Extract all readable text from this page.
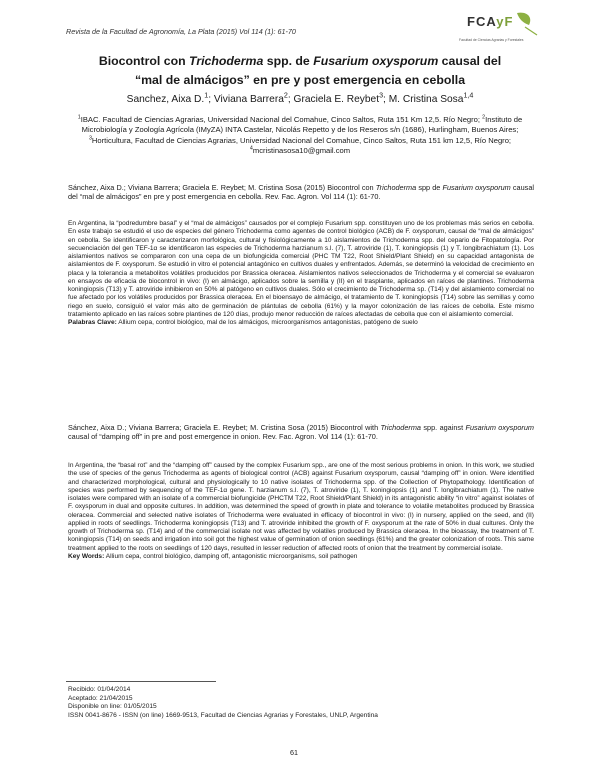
Revista de la Facultad de Agronomía, La Plata (2015) Vol 114 (1): 61-70
FCAyF
Facultad de Ciencias Agrarias y Forestales
Biocontrol con Trichoderma spp. de Fusarium oxysporum causal del
“mal de almácigos” en pre y post emergencia en cebolla
Sanchez, Aixa D.$^1$; Viviana Barrera$^2$; Graciela E. Reybet$^3$; M. Cristina Sosa$^{1,4}$
$^1$IBAC. Facultad de Ciencias Agrarias, Universidad Nacional del Comahue, Cinco Saltos, Ruta 151 Km 12,5. Río Negro; $^2$Instituto de Microbiología y Zoología Agrícola (IMyZA) INTA Castelar, Nicolás Repetto y de los Reseros s/n (1686), Hurlingham, Buenos Aires; $^3$Horticultura, Facultad de Ciencias Agrarias, Universidad Nacional del Comahue, Cinco Saltos, Ruta 151 km 12,5, Río Negro;
$^4$mcristinasosa10@gmail.com
Sánchez, Aixa D.; Viviana Barrera; Graciela E. Reybet; M. Cristina Sosa (2015) Biocontrol con Trichoderma spp de Fusarium oxysporum causal del “mal de almácigos” en pre y post emergencia en cebolla. Rev. Fac. Agron. Vol 114 (1): 61-70.

En Argentina, la “podredumbre basal” y el “mal de almácigos” causados por el complejo Fusarium spp. constituyen uno de los problemas más serios en cebolla. En este trabajo se estudió el uso de especies del género Trichoderma como agentes de control biológico (ACB) de F. oxysporum, causal de “mal de almácigos” en cebolla. Se identificaron y caracterizaron morfológica, cultural y fisiológicamente a 10 aislamientos de Trichoderma spp. del cepario de Fitopatología. Por secuenciación del gen TEF-1α se identificaron las especies de Trichoderma harzianum s.l. (7), T. atroviride (1), T. koningiopsis (1) y T. longibrachiatum (1). Los aislamientos nativos se compararon con una cepa de un biofungicida comercial (PHC TM T22, Root Shield/Plant Shield) en su capacidad antagonista de aislamientos de F. oxysporum. Se estudió in vitro el potencial antagónico en cultivos duales y enfrentados. Además, se determinó la velocidad de crecimiento en placa y la tolerancia a metabolitos volátiles producidos por Brassica oleracea. Aislamientos nativos seleccionados de Trichoderma y el comercial se evaluaron en ensayos de eficacia de biocontrol in vivo: (I) en almácigo, aplicados sobre la semilla y (II) en el trasplante, aplicados en raíces de plantines. Trichoderma koningiopsis (T13) y T. atroviride inhibieron en 50% al patógeno en cultivos duales. Sólo el crecimiento de Trichoderma sp. (T14) y del aislamiento comercial no fue afectado por los volátiles producidos por Brassica oleracea. En el bioensayo de almácigo, el tratamiento de T. koningiopsis (T14) sobre las semillas y como riego en suelo, consiguió el valor más alto de germinación de plántulas de cebolla (61%) y la mayor colonización de las raíces de cebolla. Este mismo tratamiento aplicado en las raíces sobre plantines de 120 días, produjo menor reducción de raíces afectadas de cebolla que con el aislamiento comercial.

Palabras Clave: Allium cepa, control biológico, mal de los almácigos, microorganismos antagonistas, patógeno de suelo

Sánchez, Aixa D.; Viviana Barrera; Graciela E. Reybet; M. Cristina Sosa (2015) Biocontrol with Trichoderma spp. against Fusarium oxysporum causal of “damping off” in pre and post emergence in onion. Rev. Fac. Agron. Vol 114 (1): 61-70.

In Argentina, the “basal rot” and the “damping off” caused by the complex Fusarium spp., are one of the most serious problems in onion. In this work, we studied the use of species of the genus Trichoderma as agents of biological control (ACB) against Fusarium oxysporum, causal “damping off” in onion. Were identified and characterized morphological, cultural and physiologically to 10 native isolates of Trichoderma spp. of the Collection of Phytopathology. Identification of species was performed by sequencing of the TEF-1α gene. T. harzianum s.l. (7), T. atroviride (1), T. koningiopsis (1) and T. longibrachiatum (1). The native isolates were compared with an isolate of a commercial biofungicide (PHCTM T22, Root Shield/Plant Shield) in its antagonistic ability “in vitro” against isolates of F. oxysporum in dual and opposite cultures. In addition, was determined the speed of growth in plate and tolerance to volatile metabolites produced by Brassica oleracea. Commercial and selected native isolates of Trichoderma were evaluated in efficacy of biocontrol in vivo: (I) in nursery, applied on the seed, and (II) applied in roots of seedlings. Trichoderma koningiopsis (T13) and T. atroviride inhibited the growth of F. oxysporum at the rate of 50% in dual cultures. Only the growth of Trichoderma sp. (T14) and of the commercial isolate not was affected by volatiles produced by Brassica oleracea. In the bioassay, the treatment of T. koningiopsis (T14) on seeds and irrigation into soil got the highest value of germination of onion seedlings (61%) and the greater colonization of roots. This same treatment applied to the roots on seedlings of 120 days, resulted in lesser reduction of affected roots of onion that the treatment by commercial isolate.

Key Words: Allium cepa, control biológico, damping off, antagonistic microorganisms, soil pathogen

Recibido: 01/04/2014
Aceptado: 21/04/2015
Disponible on line: 01/05/2015
ISSN 0041-8676 - ISSN (on line) 1669-9513, Facultad de Ciencias Agrarias y Forestales, UNLP, Argentina
61
